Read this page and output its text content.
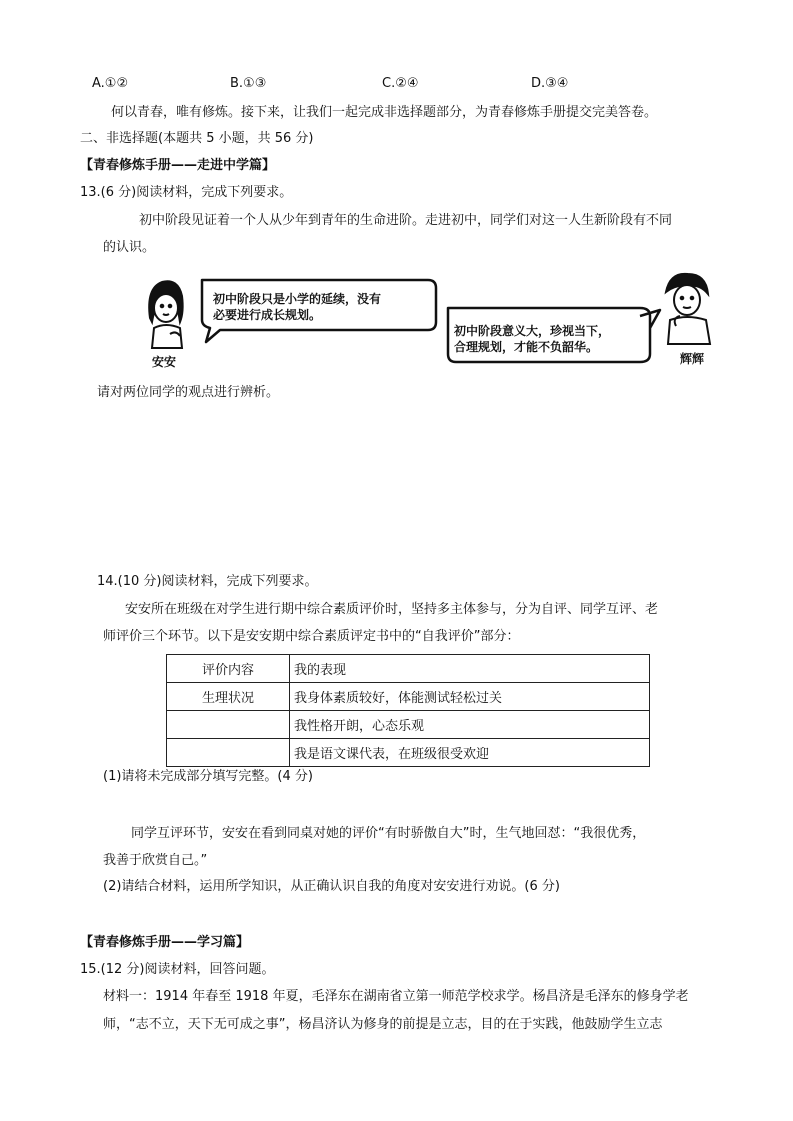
A.①②	B.①③	C.②④	D.③④
何以青春，唯有修炼。接下来，让我们一起完成非选择题部分，为青春修炼手册提交完美答卷。
二、非选择题(本题共 5 小题，共 56 分)
【青春修炼手册——走进中学篇】
13.(6 分)阅读材料，完成下列要求。
初中阶段见证着一个人从少年到青年的生命进阶。走进初中，同学们对这一人生新阶段有不同
的认识。
初中阶段只是小学的延续，没有
必要进行成长规划。
初中阶段意义大，珍视当下，
合理规划，才能不负韶华。
安安	辉辉
请对两位同学的观点进行辨析。
14.(10 分)阅读材料，完成下列要求。
安安所在班级在对学生进行期中综合素质评价时，坚持多主体参与，分为自评、同学互评、老
师评价三个环节。以下是安安期中综合素质评定书中的“自我评价”部分：
评价内容	我的表现
生理状况	我身体素质较好，体能测试轻松过关
	我性格开朗，心态乐观
	我是语文课代表，在班级很受欢迎
(1)请将未完成部分填写完整。(4 分)
同学互评环节，安安在看到同桌对她的评价“有时骄傲自大”时，生气地回怼：“我很优秀，
我善于欣赏自己。”
(2)请结合材料，运用所学知识，从正确认识自我的角度对安安进行劝说。(6 分)
【青春修炼手册——学习篇】
15.(12 分)阅读材料，回答问题。
材料一：1914 年春至 1918 年夏，毛泽东在湖南省立第一师范学校求学。杨昌济是毛泽东的修身学老
师，“志不立，天下无可成之事”，杨昌济认为修身的前提是立志，目的在于实践，他鼓励学生立志
